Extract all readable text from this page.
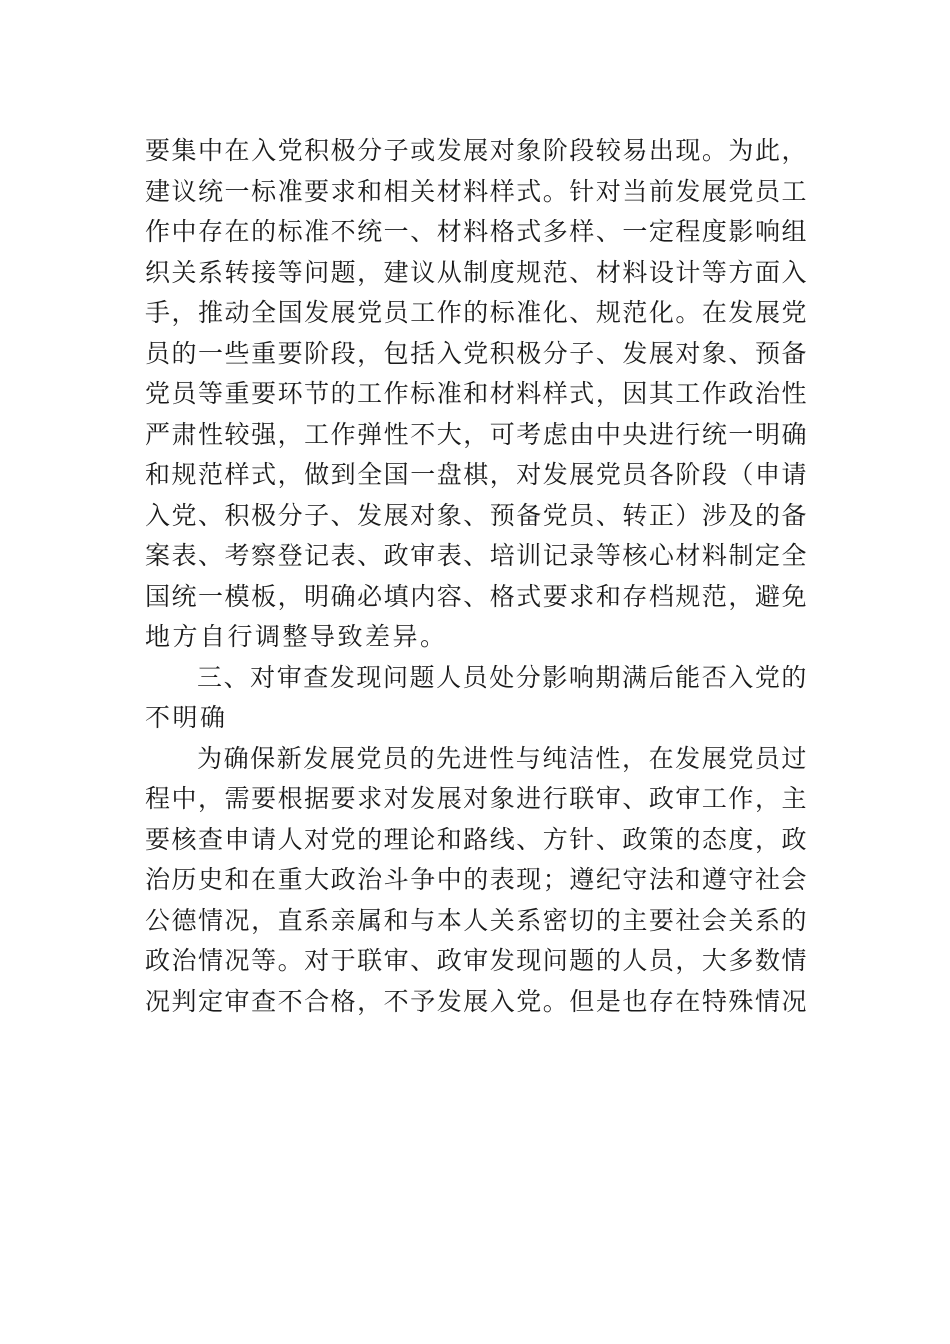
要集中在入党积极分子或发展对象阶段较易出现。为此，
建议统一标准要求和相关材料样式。针对当前发展党员工
作中存在的标准不统一、材料格式多样、一定程度影响组
织关系转接等问题，建议从制度规范、材料设计等方面入
手，推动全国发展党员工作的标准化、规范化。在发展党
员的一些重要阶段，包括入党积极分子、发展对象、预备
党员等重要环节的工作标准和材料样式，因其工作政治性
严肃性较强，工作弹性不大，可考虑由中央进行统一明确
和规范样式，做到全国一盘棋，对发展党员各阶段（申请
入党、积极分子、发展对象、预备党员、转正）涉及的备
案表、考察登记表、政审表、培训记录等核心材料制定全
国统一模板，明确必填内容、格式要求和存档规范，避免
地方自行调整导致差异。
三、对审查发现问题人员处分影响期满后能否入党的
不明确
为确保新发展党员的先进性与纯洁性，在发展党员过
程中，需要根据要求对发展对象进行联审、政审工作，主
要核查申请人对党的理论和路线、方针、政策的态度，政
治历史和在重大政治斗争中的表现；遵纪守法和遵守社会
公德情况，直系亲属和与本人关系密切的主要社会关系的
政治情况等。对于联审、政审发现问题的人员，大多数情
况判定审查不合格，不予发展入党。但是也存在特殊情况
